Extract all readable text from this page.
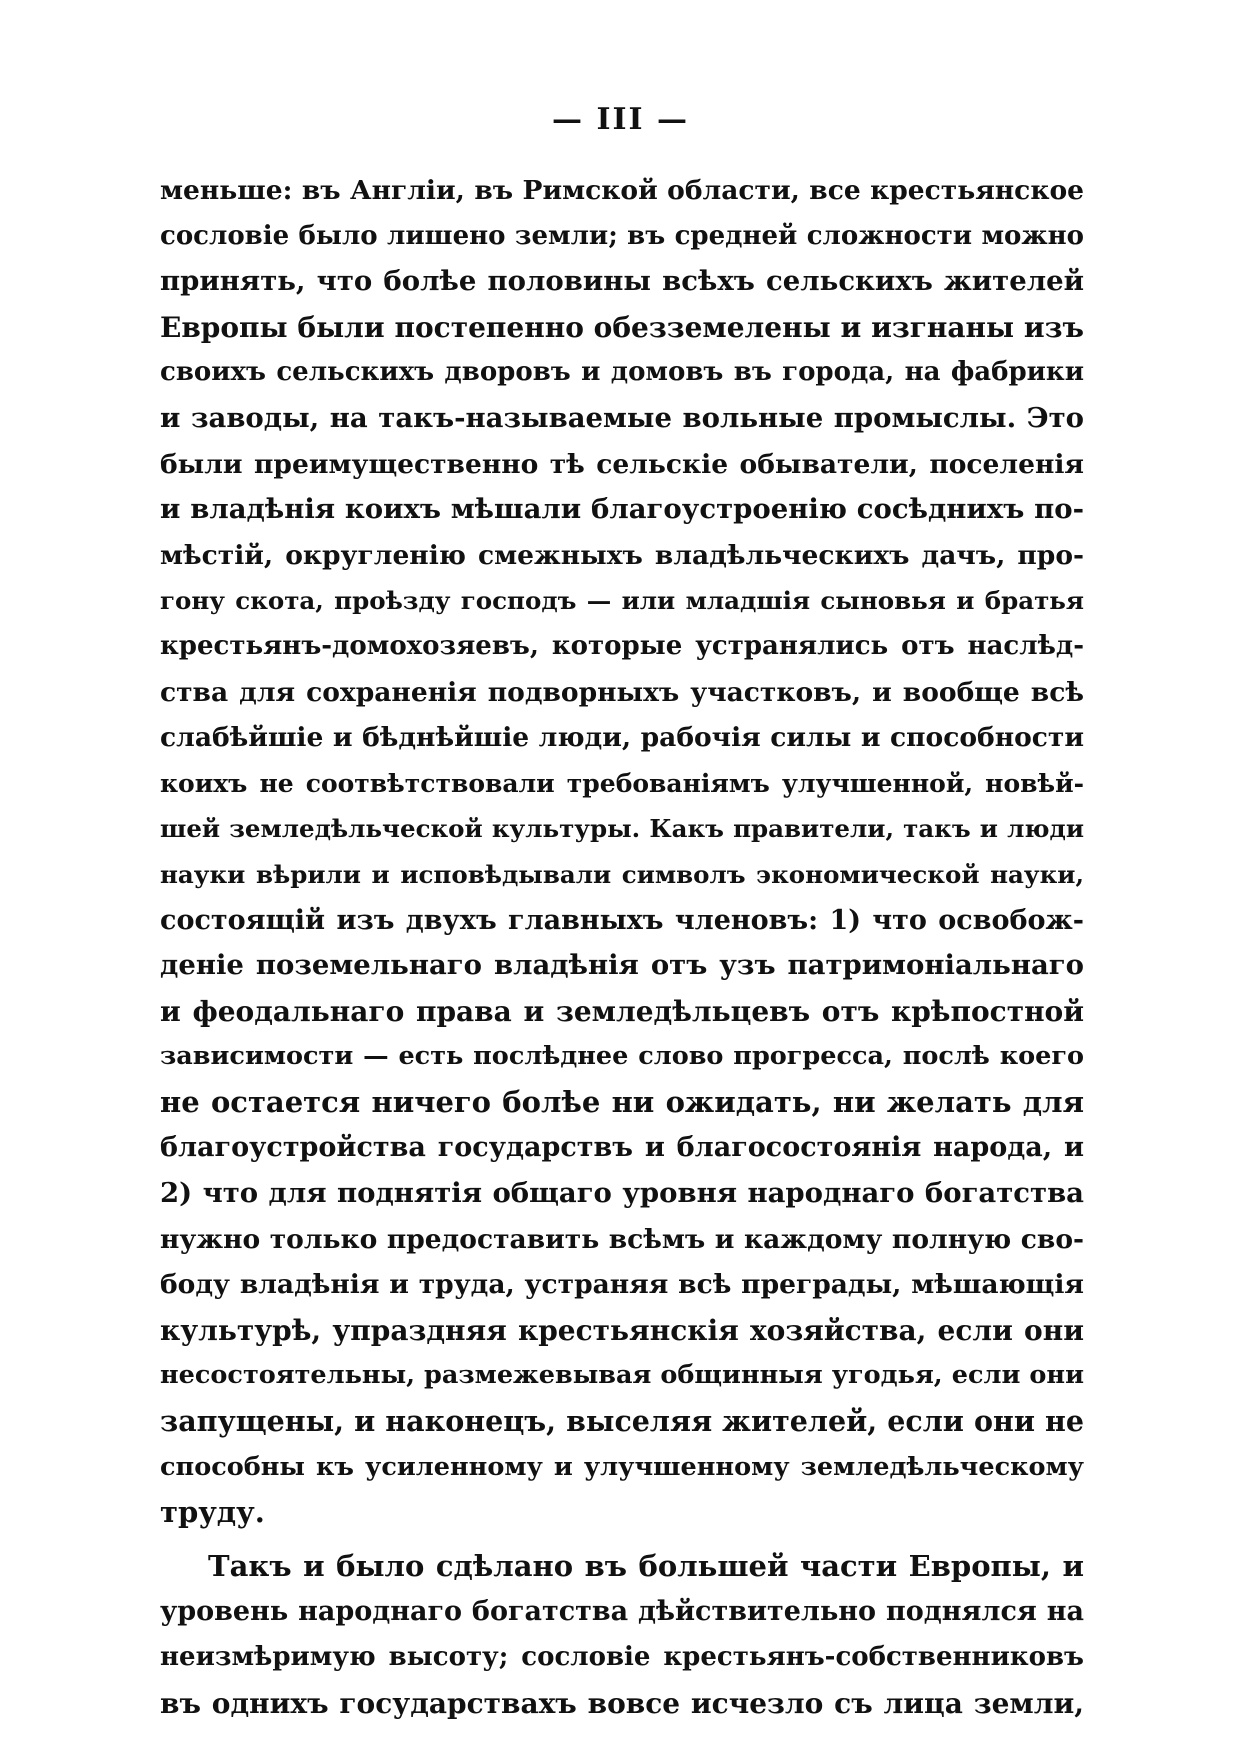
— III —
меньше: въ Англіи, въ Римской области, все крестьянское
сословіе было лишено земли; въ средней сложности можно
принять, что болѣе половины всѣхъ сельскихъ жителей
Европы были постепенно обезземелены и изгнаны изъ
своихъ сельскихъ дворовъ и домовъ въ города, на фабрики
и заводы, на такъ-называемые вольные промыслы. Это
были преимущественно тѣ сельскіе обыватели, поселенія
и владѣнія коихъ мѣшали благоустроенію сосѣднихъ по-
мѣстій, округленію смежныхъ владѣльческихъ дачъ, про-
гону скота, проѣзду господъ — или младшія сыновья и братья
крестьянъ-домохозяевъ, которые устранялись отъ наслѣд-
ства для сохраненія подворныхъ участковъ, и вообще всѣ
слабѣйшіе и бѣднѣйшіе люди, рабочія силы и способности
коихъ не соотвѣтствовали требованіямъ улучшенной, новѣй-
шей земледѣльческой культуры. Какъ правители, такъ и люди
науки вѣрили и исповѣдывали символъ экономической науки,
состоящій изъ двухъ главныхъ членовъ: 1) что освобож-
деніе поземельнаго владѣнія отъ узъ патримоніальнаго
и феодальнаго права и земледѣльцевъ отъ крѣпостной
зависимости — есть послѣднее слово прогресса, послѣ коего
не остается ничего болѣе ни ожидать, ни желать для
благоустройства государствъ и благосостоянія народа, и
2) что для поднятія общаго уровня народнаго богатства
нужно только предоставить всѣмъ и каждому полную сво-
боду владѣнія и труда, устраняя всѣ преграды, мѣшающія
культурѣ, упраздняя крестьянскія хозяйства, если они
несостоятельны, размежевывая общинныя угодья, если они
запущены, и наконецъ, выселяя жителей, если они не
способны къ усиленному и улучшенному земледѣльческому
труду.
Такъ и было сдѣлано въ большей части Европы, и
уровень народнаго богатства дѣйствительно поднялся на
неизмѣримую высоту; сословіе крестьянъ-собственниковъ
въ однихъ государствахъ вовсе исчезло съ лица земли,
